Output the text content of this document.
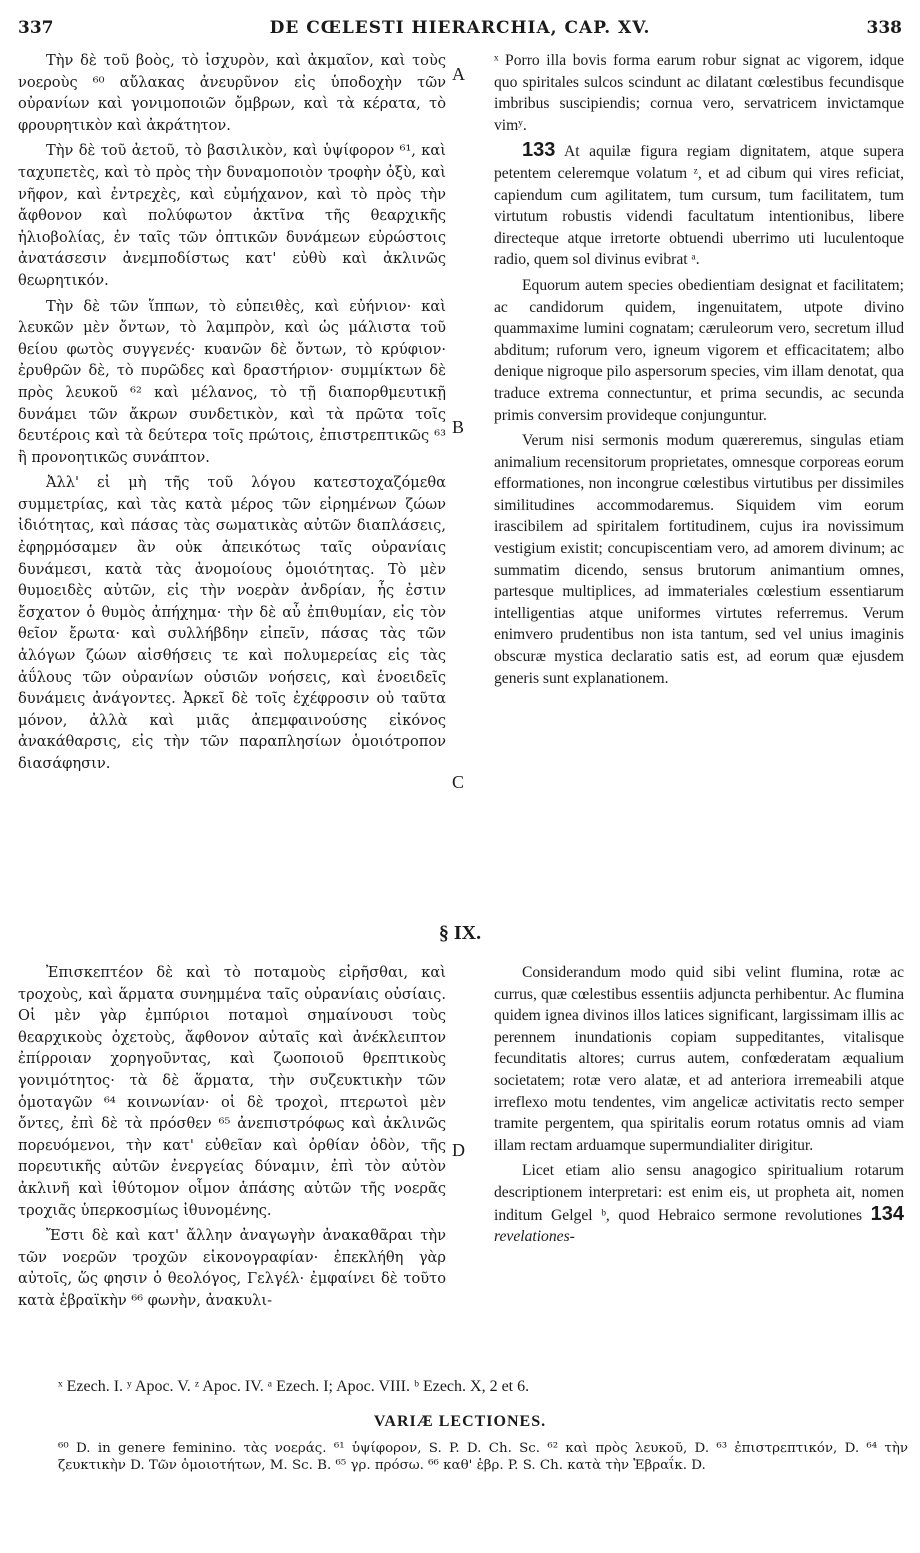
337	DE CŒLESTI HIERARCHIA, CAP. XV.	338

Τὴν δὲ τοῦ βοὸς, τὸ ἰσχυρὸν, καὶ ἀκμαῖον, καὶ τοὺς νοεροὺς ⁶⁰ αὔλακας ἀνευρῦνον εἰς ὑποδοχὴν τῶν οὐρανίων καὶ γονιμοποιῶν ὄμβρων, καὶ τὰ κέρατα, τὸ φρουρητικὸν καὶ ἀκράτητον.

Τὴν δὲ τοῦ ἀετοῦ, τὸ βασιλικὸν, καὶ ὑψίφορον ⁶¹, καὶ ταχυπετὲς, καὶ τὸ πρὸς τὴν δυναμοποιὸν τροφὴν ὀξὺ, καὶ νῆφον, καὶ ἐντρεχὲς, καὶ εὐμήχανον, καὶ τὸ πρὸς τὴν ἄφθονον καὶ πολύφωτον ἀκτῖνα τῆς θεαρχικῆς ἡλιοβολίας, ἐν ταῖς τῶν ὀπτικῶν δυνάμεων εὐρώστοις ἀνατάσεσιν ἀνεμποδίστως κατ' εὐθὺ καὶ ἀκλινῶς θεωρητικόν.

Τὴν δὲ τῶν ἵππων, τὸ εὐπειθὲς, καὶ εὐήνιον· καὶ λευκῶν μὲν ὄντων, τὸ λαμπρὸν, καὶ ὡς μάλιστα τοῦ θείου φωτὸς συγγενές· κυανῶν δὲ ὄντων, τὸ κρύφιον· ἐρυθρῶν δὲ, τὸ πυρῶδες καὶ δραστήριον· συμμίκτων δὲ πρὸς λευκοῦ ⁶² καὶ μέλανος, τὸ τῇ διαπορθμευτικῇ δυνάμει τῶν ἄκρων συνδετικὸν, καὶ τὰ πρῶτα τοῖς δευτέροις καὶ τὰ δεύτερα τοῖς πρώτοις, ἐπιστρεπτικῶς ⁶³ ἢ προνοητικῶς συνάπτον.

Ἀλλ' εἰ μὴ τῆς τοῦ λόγου κατεστοχαζόμεθα συμμετρίας, καὶ τὰς κατὰ μέρος τῶν εἰρημένων ζώων ἰδιότητας, καὶ πάσας τὰς σωματικὰς αὐτῶν διαπλάσεις, ἐφηρμόσαμεν ἂν οὐκ ἀπεικότως ταῖς οὐρανίαις δυνάμεσι, κατὰ τὰς ἀνομοίους ὁμοιότητας. Τὸ μὲν θυμοειδὲς αὐτῶν, εἰς τὴν νοερὰν ἀνδρίαν, ἧς ἐστιν ἔσχατον ὁ θυμὸς ἀπήχημα· τὴν δὲ αὖ ἐπιθυμίαν, εἰς τὸν θεῖον ἔρωτα· καὶ συλλήβδην εἰπεῖν, πάσας τὰς τῶν ἀλόγων ζώων αἰσθήσεις τε καὶ πολυμερείας εἰς τὰς ἀΰλους τῶν οὐρανίων οὐσιῶν νοήσεις, καὶ ἑνοειδεῖς δυνάμεις ἀνάγοντες. Ἀρκεῖ δὲ τοῖς ἐχέφροσιν οὐ ταῦτα μόνον, ἀλλὰ καὶ μιᾶς ἀπεμφαινούσης εἰκόνος ἀνακάθαρσις, εἰς τὴν τῶν παραπλησίων ὁμοιότροπον διασάφησιν.

A
B
C
D

ˣ Porro illa bovis forma earum robur signat ac vigorem, idque quo spiritales sulcos scindunt ac dilatant cœlestibus fecundisque imbribus suscipiendis; cornua vero, servatricem invictamque vimʸ.

133 At aquilæ figura regiam dignitatem, atque supera petentem celeremque volatum ᶻ, et ad cibum qui vires reficiat, capiendum cum agilitatem, tum cursum, tum facilitatem, tum virtutum robustis videndi facultatum intentionibus, libere directeque atque irretorte obtuendi uberrimo uti luculentoque radio, quem sol divinus evibrat ᵃ.

Equorum autem species obedientiam designat et facilitatem; ac candidorum quidem, ingenuitatem, utpote divino quammaxime lumini cognatam; cæruleorum vero, secretum illud abditum; ruforum vero, igneum vigorem et efficacitatem; albo denique nigroque pilo aspersorum species, vim illam denotat, qua traduce extrema connectuntur, et prima secundis, ac secunda primis conversim provideque conjunguntur.

Verum nisi sermonis modum quæreremus, singulas etiam animalium recensitorum proprietates, omnesque corporeas eorum efformationes, non incongrue cœlestibus virtutibus per dissimiles similitudines accommodaremus. Siquidem vim eorum irascibilem ad spiritalem fortitudinem, cujus ira novissimum vestigium existit; concupiscentiam vero, ad amorem divinum; ac summatim dicendo, sensus brutorum animantium omnes, partesque multiplices, ad immateriales cœlestium essentiarum intelligentias atque uniformes virtutes referremus. Verum enimvero prudentibus non ista tantum, sed vel unius imaginis obscuræ mystica declaratio satis est, ad eorum quæ ejusdem generis sunt explanationem.

§ IX.

Ἐπισκεπτέον δὲ καὶ τὸ ποταμοὺς εἰρῆσθαι, καὶ τροχοὺς, καὶ ἅρματα συνημμένα ταῖς οὐρανίαις οὐσίαις. Οἱ μὲν γὰρ ἐμπύριοι ποταμοὶ σημαίνουσι τοὺς θεαρχικοὺς ὀχετοὺς, ἄφθονον αὐταῖς καὶ ἀνέκλειπτον ἐπίρροιαν χορηγοῦντας, καὶ ζωοποιοῦ θρεπτικοὺς γονιμότητος· τὰ δὲ ἅρματα, τὴν συζευκτικὴν τῶν ὁμοταγῶν ⁶⁴ κοινωνίαν· οἱ δὲ τροχοὶ, πτερωτοὶ μὲν ὄντες, ἐπὶ δὲ τὰ πρόσθεν ⁶⁵ ἀνεπιστρόφως καὶ ἀκλινῶς πορευόμενοι, τὴν κατ' εὐθεῖαν καὶ ὀρθίαν ὁδὸν, τῆς πορευτικῆς αὐτῶν ἐνεργείας δύναμιν, ἐπὶ τὸν αὐτὸν ἀκλινῆ καὶ ἰθύτομον οἶμον ἁπάσης αὐτῶν τῆς νοερᾶς τροχιᾶς ὑπερκοσμίως ἰθυνομένης.

Ἔστι δὲ καὶ κατ' ἄλλην ἀναγωγὴν ἀνακαθᾶραι τὴν τῶν νοερῶν τροχῶν εἰκονογραφίαν· ἐπεκλήθη γὰρ αὐτοῖς, ὥς φησιν ὁ θεολόγος, Γελγέλ· ἐμφαίνει δὲ τοῦτο κατὰ ἑβραϊκὴν ⁶⁶ φωνὴν, ἀνακυλι-

Considerandum modo quid sibi velint flumina, rotæ ac currus, quæ cœlestibus essentiis adjuncta perhibentur. Ac flumina quidem ignea divinos illos latices significant, largissimam illis ac perennem inundationis copiam suppeditantes, vitalisque fecunditatis altores; currus autem, confœderatam æqualium societatem; rotæ vero alatæ, et ad anteriora irremeabili atque irreflexo motu tendentes, vim angelicæ activitatis recto semper tramite pergentem, qua spiritalis eorum rotatus omnis ad viam illam rectam arduamque supermundialiter dirigitur.

Licet etiam alio sensu anagogico spiritualium rotarum descriptionem interpretari: est enim eis, ut propheta ait, nomen inditum Gelgel ᵇ, quod Hebraico sermone revolutiones 134 revelationes-

ˣ Ezech. I. ʸ Apoc. V. ᶻ Apoc. IV. ᵃ Ezech. I; Apoc. VIII. ᵇ Ezech. X, 2 et 6.
VARIÆ LECTIONES.
⁶⁰ D. in genere feminino. τὰς νοεράς. ⁶¹ ὑψίφορον, S. P. D. Ch. Sc. ⁶² καὶ πρὸς λευκοῦ, D. ⁶³ ἐπιστρεπτικόν, D. ⁶⁴ τὴν ζευκτικὴν D. Τῶν ὁμοιοτήτων, M. Sc. B. ⁶⁵ γρ. πρόσω. ⁶⁶ καθ' ἑβρ. P. S. Ch. κατὰ τὴν Ἑβραΐκ. D.
